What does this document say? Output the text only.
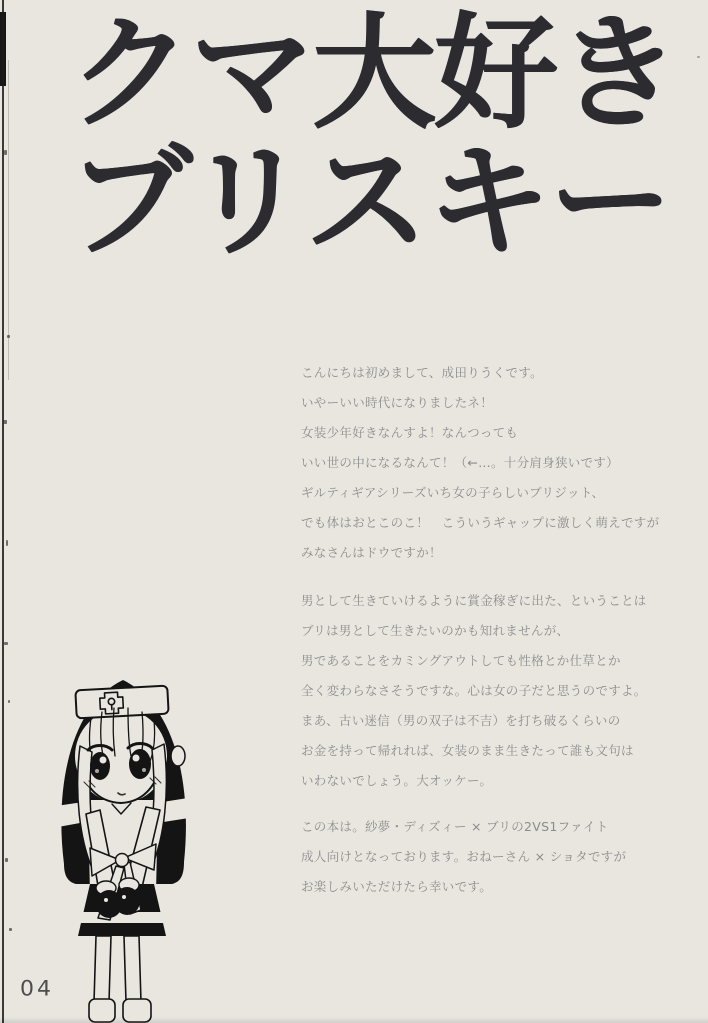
クマ大好き
ブリスキー
こんにちは初めまして、成田りうくです。
いやーいい時代になりましたネ！
女装少年好きなんすよ！なんつっても
いい世の中になるなんて！（←…。十分肩身狭いです）
ギルティギアシリーズいち女の子らしいブリジット、
でも体はおとこのこ！　こういうギャップに激しく萌えですが
みなさんはドウですか！
男として生きていけるように賞金稼ぎに出た、ということは
ブリは男として生きたいのかも知れませんが、
男であることをカミングアウトしても性格とか仕草とか
全く変わらなさそうですな。心は女の子だと思うのですよ。
まあ、古い迷信（男の双子は不吉）を打ち破るくらいの
お金を持って帰れれば、女装のまま生きたって誰も文句は
いわないでしょう。大オッケー。
この本は。紗夢・ディズィー × ブリの2VS1ファイト
成人向けとなっております。おねーさん × ショタですが
お楽しみいただけたら幸いです。
04
